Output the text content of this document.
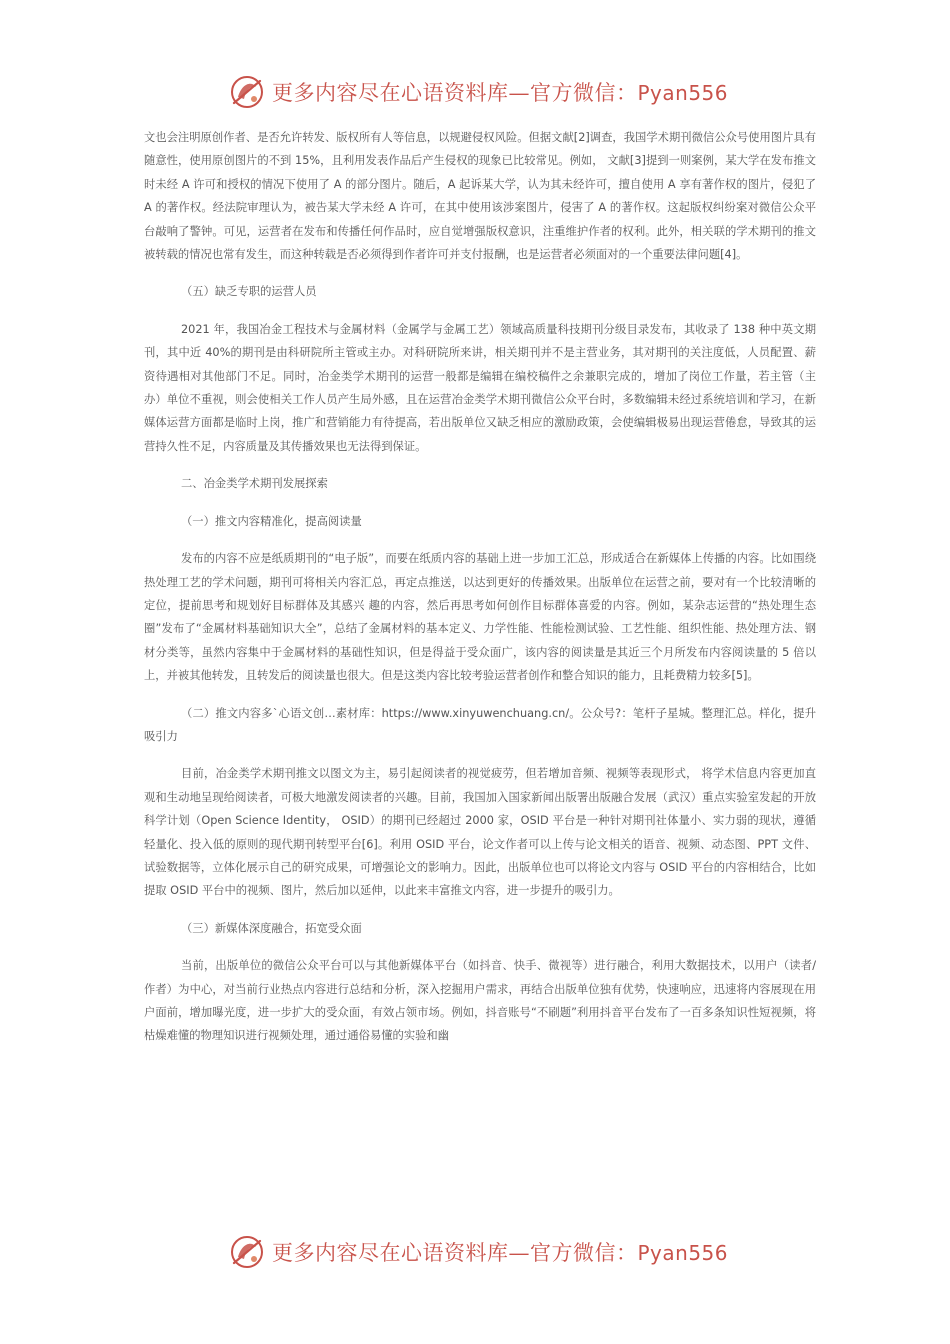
更多内容尽在心语资料库—官方微信：Pyan556

文也会注明原创作者、是否允许转发、版权所有人等信息，以规避侵权风险。但据文献[2]调查，我国学术期刊微信公众号使用图片具有随意性，使用原创图片的不到 15%，且利用发表作品后产生侵权的现象已比较常见。例如， 文献[3]提到一则案例，某大学在发布推文时未经 A 许可和授权的情况下使用了 A 的部分图片。随后，A 起诉某大学，认为其未经许可，擅自使用 A 享有著作权的图片，侵犯了 A 的著作权。经法院审理认为，被告某大学未经 A 许可，在其中使用该涉案图片，侵害了 A 的著作权。这起版权纠纷案对微信公众平台敲响了警钟。可见，运营者在发布和传播任何作品时，应自觉增强版权意识，注重维护作者的权利。此外，相关联的学术期刊的推文被转载的情况也常有发生，而这种转载是否必须得到作者许可并支付报酬，也是运营者必须面对的一个重要法律问题[4]。

（五）缺乏专职的运营人员

2021 年，我国冶金工程技术与金属材料（金属学与金属工艺）领域高质量科技期刊分级目录发布，其收录了 138 种中英文期刊，其中近 40%的期刊是由科研院所主管或主办。对科研院所来讲，相关期刊并不是主营业务，其对期刊的关注度低，人员配置、薪资待遇相对其他部门不足。同时，冶金类学术期刊的运营一般都是编辑在编校稿件之余兼职完成的，增加了岗位工作量，若主管（主办）单位不重视，则会使相关工作人员产生局外感，且在运营冶金类学术期刊微信公众平台时，多数编辑未经过系统培训和学习，在新媒体运营方面都是临时上岗，推广和营销能力有待提高，若出版单位又缺乏相应的激励政策，会使编辑极易出现运营倦怠，导致其的运营持久性不足，内容质量及其传播效果也无法得到保证。

二、冶金类学术期刊发展探索
（一）推文内容精准化，提高阅读量

发布的内容不应是纸质期刊的“电子版”，而要在纸质内容的基础上进一步加工汇总，形成适合在新媒体上传播的内容。比如围绕热处理工艺的学术问题，期刊可将相关内容汇总，再定点推送，以达到更好的传播效果。出版单位在运营之前，要对有一个比较清晰的定位，提前思考和规划好目标群体及其感兴 趣的内容，然后再思考如何创作目标群体喜爱的内容。例如，某杂志运营的“热处理生态圈”发布了“金属材料基础知识大全”，总结了金属材料的基本定义、力学性能、性能检测试验、工艺性能、组织性能、热处理方法、钢材分类等，虽然内容集中于金属材料的基础性知识，但是得益于受众面广，该内容的阅读量是其近三个月所发布内容阅读量的 5 倍以上，并被其他转发，且转发后的阅读量也很大。但是这类内容比较考验运营者创作和整合知识的能力，且耗费精力较多[5]。

（二）推文内容多`心语文创…素材库：https://www.xinyuwenchuang.cn/。公众号?：笔杆子星城。整理汇总。样化，提升吸引力

目前，冶金类学术期刊推文以图文为主，易引起阅读者的视觉疲劳，但若增加音频、视频等表现形式， 将学术信息内容更加直观和生动地呈现给阅读者，可极大地激发阅读者的兴趣。目前，我国加入国家新闻出版署出版融合发展（武汉）重点实验室发起的开放科学计划（Open Science Identity， OSID）的期刊已经超过 2000 家，OSID 平台是一种针对期刊社体量小、实力弱的现状，遵循轻量化、投入低的原则的现代期刊转型平台[6]。利用 OSID 平台，论文作者可以上传与论文相关的语音、视频、动态图、PPT 文件、试验数据等，立体化展示自己的研究成果，可增强论文的影响力。因此，出版单位也可以将论文内容与 OSID 平台的内容相结合，比如提取 OSID 平台中的视频、图片，然后加以延伸，以此来丰富推文内容，进一步提升的吸引力。

（三）新媒体深度融合，拓宽受众面

当前，出版单位的微信公众平台可以与其他新媒体平台（如抖音、快手、微视等）进行融合，利用大数据技术，以用户（读者/作者）为中心，对当前行业热点内容进行总结和分析，深入挖掘用户需求，再结合出版单位独有优势，快速响应，迅速将内容展现在用户面前，增加曝光度，进一步扩大的受众面，有效占领市场。例如，抖音账号“不刷题”利用抖音平台发布了一百多条知识性短视频，将枯燥难懂的物理知识进行视频处理，通过通俗易懂的实验和幽

更多内容尽在心语资料库—官方微信：Pyan556
